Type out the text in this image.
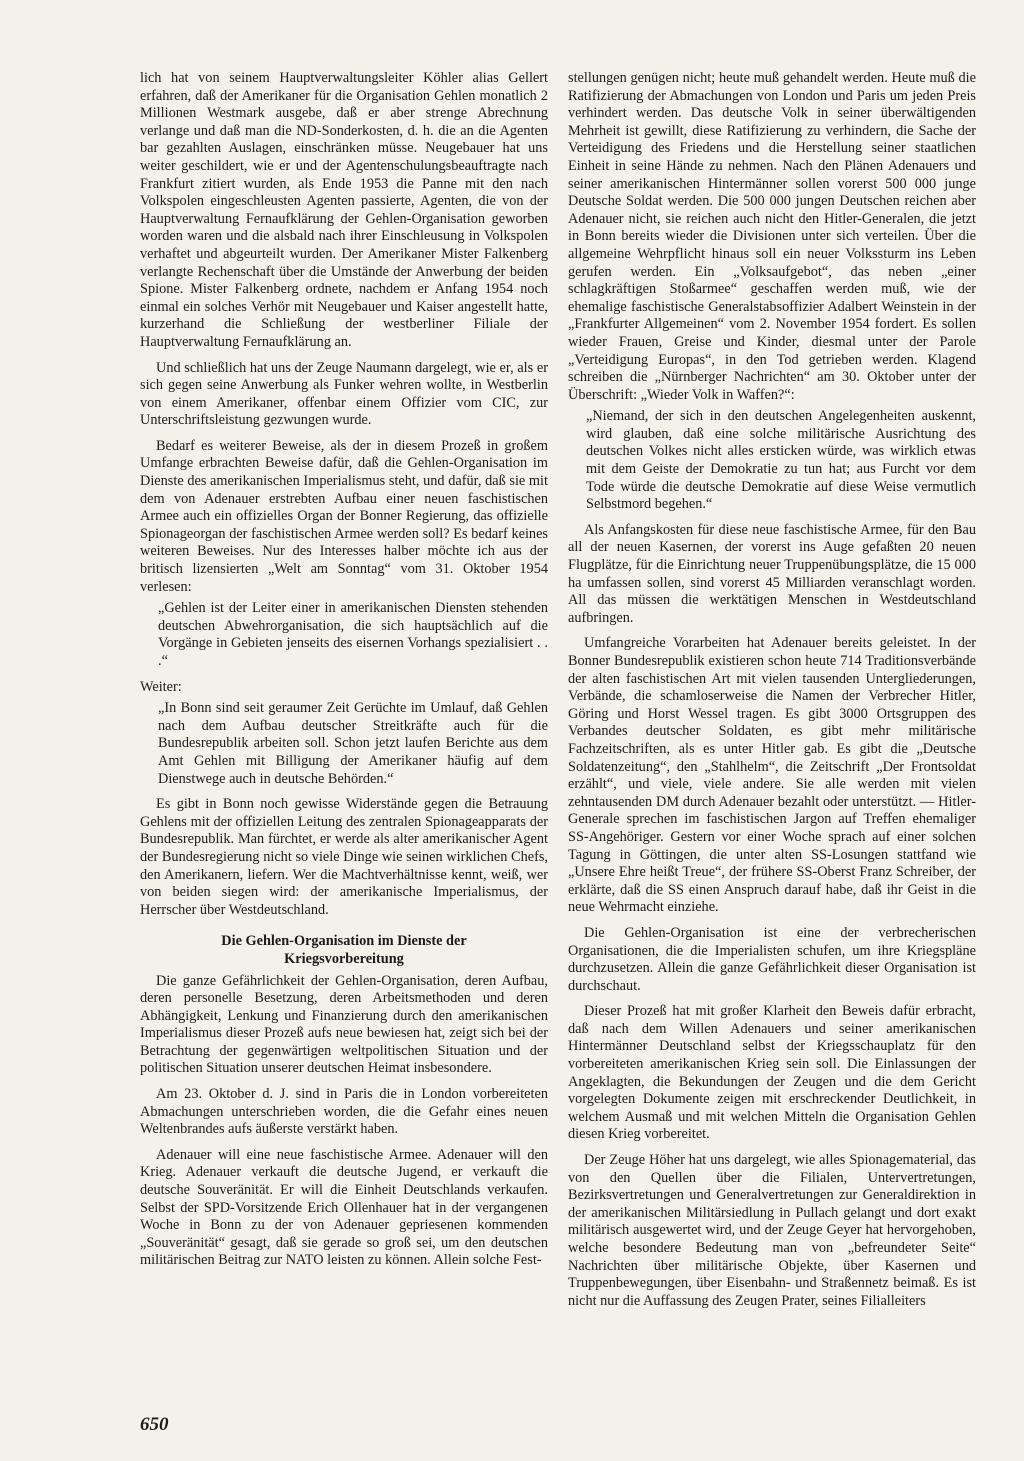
lich hat von seinem Hauptverwaltungsleiter Köhler alias Gellert erfahren, daß der Amerikaner für die Organisation Gehlen monatlich 2 Millionen Westmark ausgebe, daß er aber strenge Abrechnung verlange und daß man die ND-Sonderkosten, d. h. die an die Agenten bar gezahlten Auslagen, einschränken müsse. Neugebauer hat uns weiter geschildert, wie er und der Agentenschulungsbeauftragte nach Frankfurt zitiert wurden, als Ende 1953 die Panne mit den nach Volkspolen eingeschleusten Agenten passierte, Agenten, die von der Hauptverwaltung Fernaufklärung der Gehlen-Organisation geworben worden waren und die alsbald nach ihrer Einschleusung in Volkspolen verhaftet und abgeurteilt wurden. Der Amerikaner Mister Falkenberg verlangte Rechenschaft über die Umstände der Anwerbung der beiden Spione. Mister Falkenberg ordnete, nachdem er Anfang 1954 noch einmal ein solches Verhör mit Neugebauer und Kaiser angestellt hatte, kurzerhand die Schließung der westberliner Filiale der Hauptverwaltung Fernaufklärung an.

Und schließlich hat uns der Zeuge Naumann dargelegt, wie er, als er sich gegen seine Anwerbung als Funker wehren wollte, in Westberlin von einem Amerikaner, offenbar einem Offizier vom CIC, zur Unterschriftsleistung gezwungen wurde.

Bedarf es weiterer Beweise, als der in diesem Prozeß in großem Umfange erbrachten Beweise dafür, daß die Gehlen-Organisation im Dienste des amerikanischen Imperialismus steht, und dafür, daß sie mit dem von Adenauer erstrebten Aufbau einer neuen faschistischen Armee auch ein offizielles Organ der Bonner Regierung, das offizielle Spionageorgan der faschistischen Armee werden soll? Es bedarf keines weiteren Beweises. Nur des Interesses halber möchte ich aus der britisch lizensierten „Welt am Sonntag“ vom 31. Oktober 1954 verlesen:

„Gehlen ist der Leiter einer in amerikanischen Diensten stehenden deutschen Abwehrorganisation, die sich hauptsächlich auf die Vorgänge in Gebieten jenseits des eisernen Vorhangs spezialisiert . . .“

Weiter:

„In Bonn sind seit geraumer Zeit Gerüchte im Umlauf, daß Gehlen nach dem Aufbau deutscher Streitkräfte auch für die Bundesrepublik arbeiten soll. Schon jetzt laufen Berichte aus dem Amt Gehlen mit Billigung der Amerikaner häufig auf dem Dienstwege auch in deutsche Behörden.“

Es gibt in Bonn noch gewisse Widerstände gegen die Betrauung Gehlens mit der offiziellen Leitung des zentralen Spionageapparats der Bundesrepublik. Man fürchtet, er werde als alter amerikanischer Agent der Bundesregierung nicht so viele Dinge wie seinen wirklichen Chefs, den Amerikanern, liefern. Wer die Machtverhältnisse kennt, weiß, wer von beiden siegen wird: der amerikanische Imperialismus, der Herrscher über Westdeutschland.

Die Gehlen-Organisation im Dienste der Kriegsvorbereitung

Die ganze Gefährlichkeit der Gehlen-Organisation, deren Aufbau, deren personelle Besetzung, deren Arbeitsmethoden und deren Abhängigkeit, Lenkung und Finanzierung durch den amerikanischen Imperialismus dieser Prozeß aufs neue bewiesen hat, zeigt sich bei der Betrachtung der gegenwärtigen weltpolitischen Situation und der politischen Situation unserer deutschen Heimat insbesondere.

Am 23. Oktober d. J. sind in Paris die in London vorbereiteten Abmachungen unterschrieben worden, die die Gefahr eines neuen Weltenbrandes aufs äußerste verstärkt haben.

Adenauer will eine neue faschistische Armee. Adenauer will den Krieg. Adenauer verkauft die deutsche Jugend, er verkauft die deutsche Souveränität. Er will die Einheit Deutschlands verkaufen. Selbst der SPD-Vorsitzende Erich Ollenhauer hat in der vergangenen Woche in Bonn zu der von Adenauer gepriesenen kommenden „Souveränität“ gesagt, daß sie gerade so groß sei, um den deutschen militärischen Beitrag zur NATO leisten zu können. Allein solche Fest-

stellungen genügen nicht; heute muß gehandelt werden. Heute muß die Ratifizierung der Abmachungen von London und Paris um jeden Preis verhindert werden. Das deutsche Volk in seiner überwältigenden Mehrheit ist gewillt, diese Ratifizierung zu verhindern, die Sache der Verteidigung des Friedens und die Herstellung seiner staatlichen Einheit in seine Hände zu nehmen. Nach den Plänen Adenauers und seiner amerikanischen Hintermänner sollen vorerst 500 000 junge Deutsche Soldat werden. Die 500 000 jungen Deutschen reichen aber Adenauer nicht, sie reichen auch nicht den Hitler-Generalen, die jetzt in Bonn bereits wieder die Divisionen unter sich verteilen. Über die allgemeine Wehrpflicht hinaus soll ein neuer Volkssturm ins Leben gerufen werden. Ein „Volksaufgebot“, das neben „einer schlagkräftigen Stoßarmee“ geschaffen werden muß, wie der ehemalige faschistische Generalstabsoffizier Adalbert Weinstein in der „Frankfurter Allgemeinen“ vom 2. November 1954 fordert. Es sollen wieder Frauen, Greise und Kinder, diesmal unter der Parole „Verteidigung Europas“, in den Tod getrieben werden. Klagend schreiben die „Nürnberger Nachrichten“ am 30. Oktober unter der Überschrift: „Wieder Volk in Waffen?“:

„Niemand, der sich in den deutschen Angelegenheiten auskennt, wird glauben, daß eine solche militärische Ausrichtung des deutschen Volkes nicht alles ersticken würde, was wirklich etwas mit dem Geiste der Demokratie zu tun hat; aus Furcht vor dem Tode würde die deutsche Demokratie auf diese Weise vermutlich Selbstmord begehen.“

Als Anfangskosten für diese neue faschistische Armee, für den Bau all der neuen Kasernen, der vorerst ins Auge gefaßten 20 neuen Flugplätze, für die Einrichtung neuer Truppenübungsplätze, die 15 000 ha umfassen sollen, sind vorerst 45 Milliarden veranschlagt worden. All das müssen die werktätigen Menschen in Westdeutschland aufbringen.

Umfangreiche Vorarbeiten hat Adenauer bereits geleistet. In der Bonner Bundesrepublik existieren schon heute 714 Traditionsverbände der alten faschistischen Art mit vielen tausenden Untergliederungen, Verbände, die schamloserweise die Namen der Verbrecher Hitler, Göring und Horst Wessel tragen. Es gibt 3000 Ortsgruppen des Verbandes deutscher Soldaten, es gibt mehr militärische Fachzeitschriften, als es unter Hitler gab. Es gibt die „Deutsche Soldatenzeitung“, den „Stahlhelm“, die Zeitschrift „Der Frontsoldat erzählt“, und viele, viele andere. Sie alle werden mit vielen zehntausenden DM durch Adenauer bezahlt oder unterstützt. — Hitler-Generale sprechen im faschistischen Jargon auf Treffen ehemaliger SS-Angehöriger. Gestern vor einer Woche sprach auf einer solchen Tagung in Göttingen, die unter alten SS-Losungen stattfand wie „Unsere Ehre heißt Treue“, der frühere SS-Oberst Franz Schreiber, der erklärte, daß die SS einen Anspruch darauf habe, daß ihr Geist in die neue Wehrmacht einziehe.

Die Gehlen-Organisation ist eine der verbrecherischen Organisationen, die die Imperialisten schufen, um ihre Kriegspläne durchzusetzen. Allein die ganze Gefährlichkeit dieser Organisation ist durchschaut.

Dieser Prozeß hat mit großer Klarheit den Beweis dafür erbracht, daß nach dem Willen Adenauers und seiner amerikanischen Hintermänner Deutschland selbst der Kriegsschauplatz für den vorbereiteten amerikanischen Krieg sein soll. Die Einlassungen der Angeklagten, die Bekundungen der Zeugen und die dem Gericht vorgelegten Dokumente zeigen mit erschreckender Deutlichkeit, in welchem Ausmaß und mit welchen Mitteln die Organisation Gehlen diesen Krieg vorbereitet.

Der Zeuge Höher hat uns dargelegt, wie alles Spionagematerial, das von den Quellen über die Filialen, Untervertretungen, Bezirksvertretungen und Generalvertretungen zur Generaldirektion in der amerikanischen Militärsiedlung in Pullach gelangt und dort exakt militärisch ausgewertet wird, und der Zeuge Geyer hat hervorgehoben, welche besondere Bedeutung man von „befreundeter Seite“ Nachrichten über militärische Objekte, über Kasernen und Truppenbewegungen, über Eisenbahn- und Straßennetz beimaß. Es ist nicht nur die Auffassung des Zeugen Prater, seines Filialleiters

650
